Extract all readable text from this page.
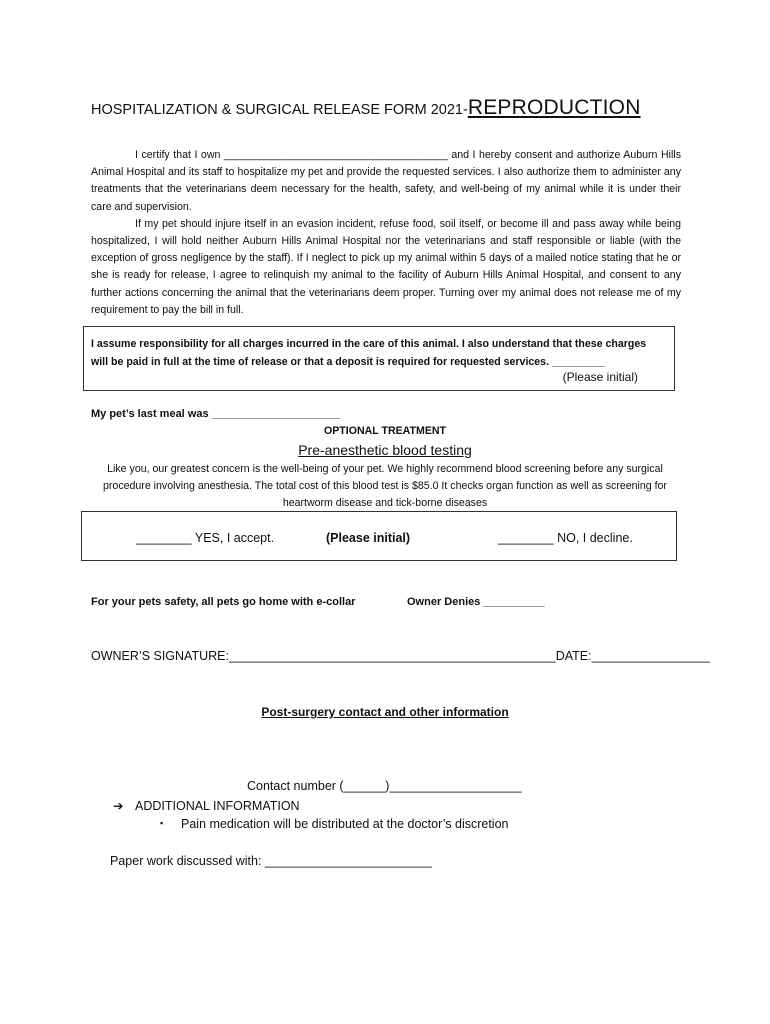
HOSPITALIZATION & SURGICAL RELEASE FORM 2021-REPRODUCTION

I certify that I own ______________________________________ and I hereby consent and authorize Auburn Hills Animal Hospital and its staff to hospitalize my pet and provide the requested services. I also authorize them to administer any treatments that the veterinarians deem necessary for the health, safety, and well-being of my animal while it is under their care and supervision.

If my pet should injure itself in an evasion incident, refuse food, soil itself, or become ill and pass away while being hospitalized, I will hold neither Auburn Hills Animal Hospital nor the veterinarians and staff responsible or liable (with the exception of gross negligence by the staff). If I neglect to pick up my animal within 5 days of a mailed notice stating that he or she is ready for release, I agree to relinquish my animal to the facility of Auburn Hills Animal Hospital, and consent to any further actions concerning the animal that the veterinarians deem proper. Turning over my animal does not release me of my requirement to pay the bill in full.

I assume responsibility for all charges incurred in the care of this animal. I also understand that these charges will be paid in full at the time of release or that a deposit is required for requested services. _________
(Please initial)
My pet’s last meal was _____________________
OPTIONAL TREATMENT
Pre-anesthetic blood testing
Like you, our greatest concern is the well-being of your pet. We highly recommend blood screening before any surgical procedure involving anesthesia. The total cost of this blood test is $85.0 It checks organ function as well as screening for heartworm disease and tick-borne diseases
________ YES, I accept.	(Please initial)	________ NO, I decline.
For your pets safety, all pets go home with e-collar	Owner Denies __________
OWNER’S SIGNATURE:_______________________________________________DATE:_________________
Post-surgery contact and other information
Contact number (______)___________________
➔ ADDITIONAL INFORMATION
▪ Pain medication will be distributed at the doctor’s discretion
Paper work discussed with: ________________________
